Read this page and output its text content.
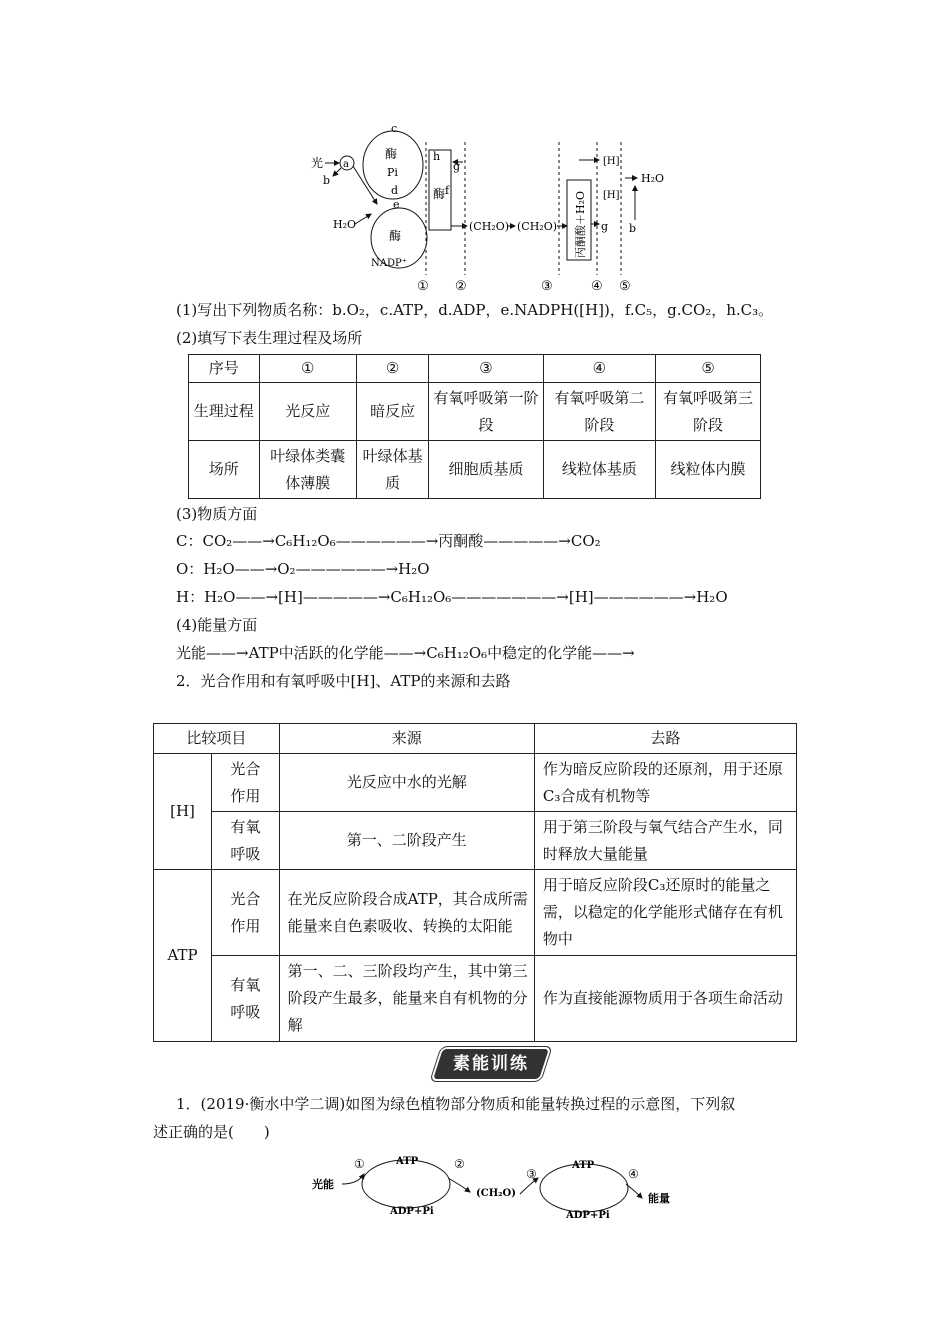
光 a
b
c
酶
Pi
d
e
酶
H₂O
NADP⁺
h
g
酶 f
(CH₂O) (CH₂O) 丙酮酸＋H₂O
[H]
[H]
g
H₂O
b
① ②	③	④ ⑤
(1)写出下列物质名称：b.O₂，c.ATP，d.ADP，e.NADPH([H])，f.C₅，g.CO₂，h.C₃。
(2)填写下表生理过程及场所
序号	①	②	③	④	⑤
生理过程	光反应	暗反应	有氧呼吸第一阶段	有氧呼吸第二阶段	有氧呼吸第三阶段
场所	叶绿体类囊体薄膜	叶绿体基质	细胞质基质	线粒体基质	线粒体内膜
(3)物质方面
C：CO₂——→C₆H₁₂O₆——————→丙酮酸—————→CO₂
O：H₂O——→O₂——————→H₂O
H：H₂O——→[H]—————→C₆H₁₂O₆———————→[H]——————→H₂O
(4)能量方面
光能——→ATP中活跃的化学能——→C₆H₁₂O₆中稳定的化学能——→
2．光合作用和有氧呼吸中[H]、ATP的来源和去路
比较项目		来源	去路
[H]	光合作用	光反应中水的光解	作为暗反应阶段的还原剂，用于还原C₃合成有机物等
	有氧呼吸	第一、二阶段产生	用于第三阶段与氧气结合产生水，同时释放大量能量
ATP	光合作用	在光反应阶段合成ATP，其合成所需能量来自色素吸收、转换的太阳能	用于暗反应阶段C₃还原时的能量之需，以稳定的化学能形式储存在有机物中
	有氧呼吸	第一、二、三阶段均产生，其中第三阶段产生最多，能量来自有机物的分解	作为直接能源物质用于各项生命活动
素能训练
1．(2019·衡水中学二调)如图为绿色植物部分物质和能量转换过程的示意图，下列叙
述正确的是(　　)
光能
①	ATP
ADP+Pi
②
(CH₂O)
③
ATP
ADP+Pi
④
能量
